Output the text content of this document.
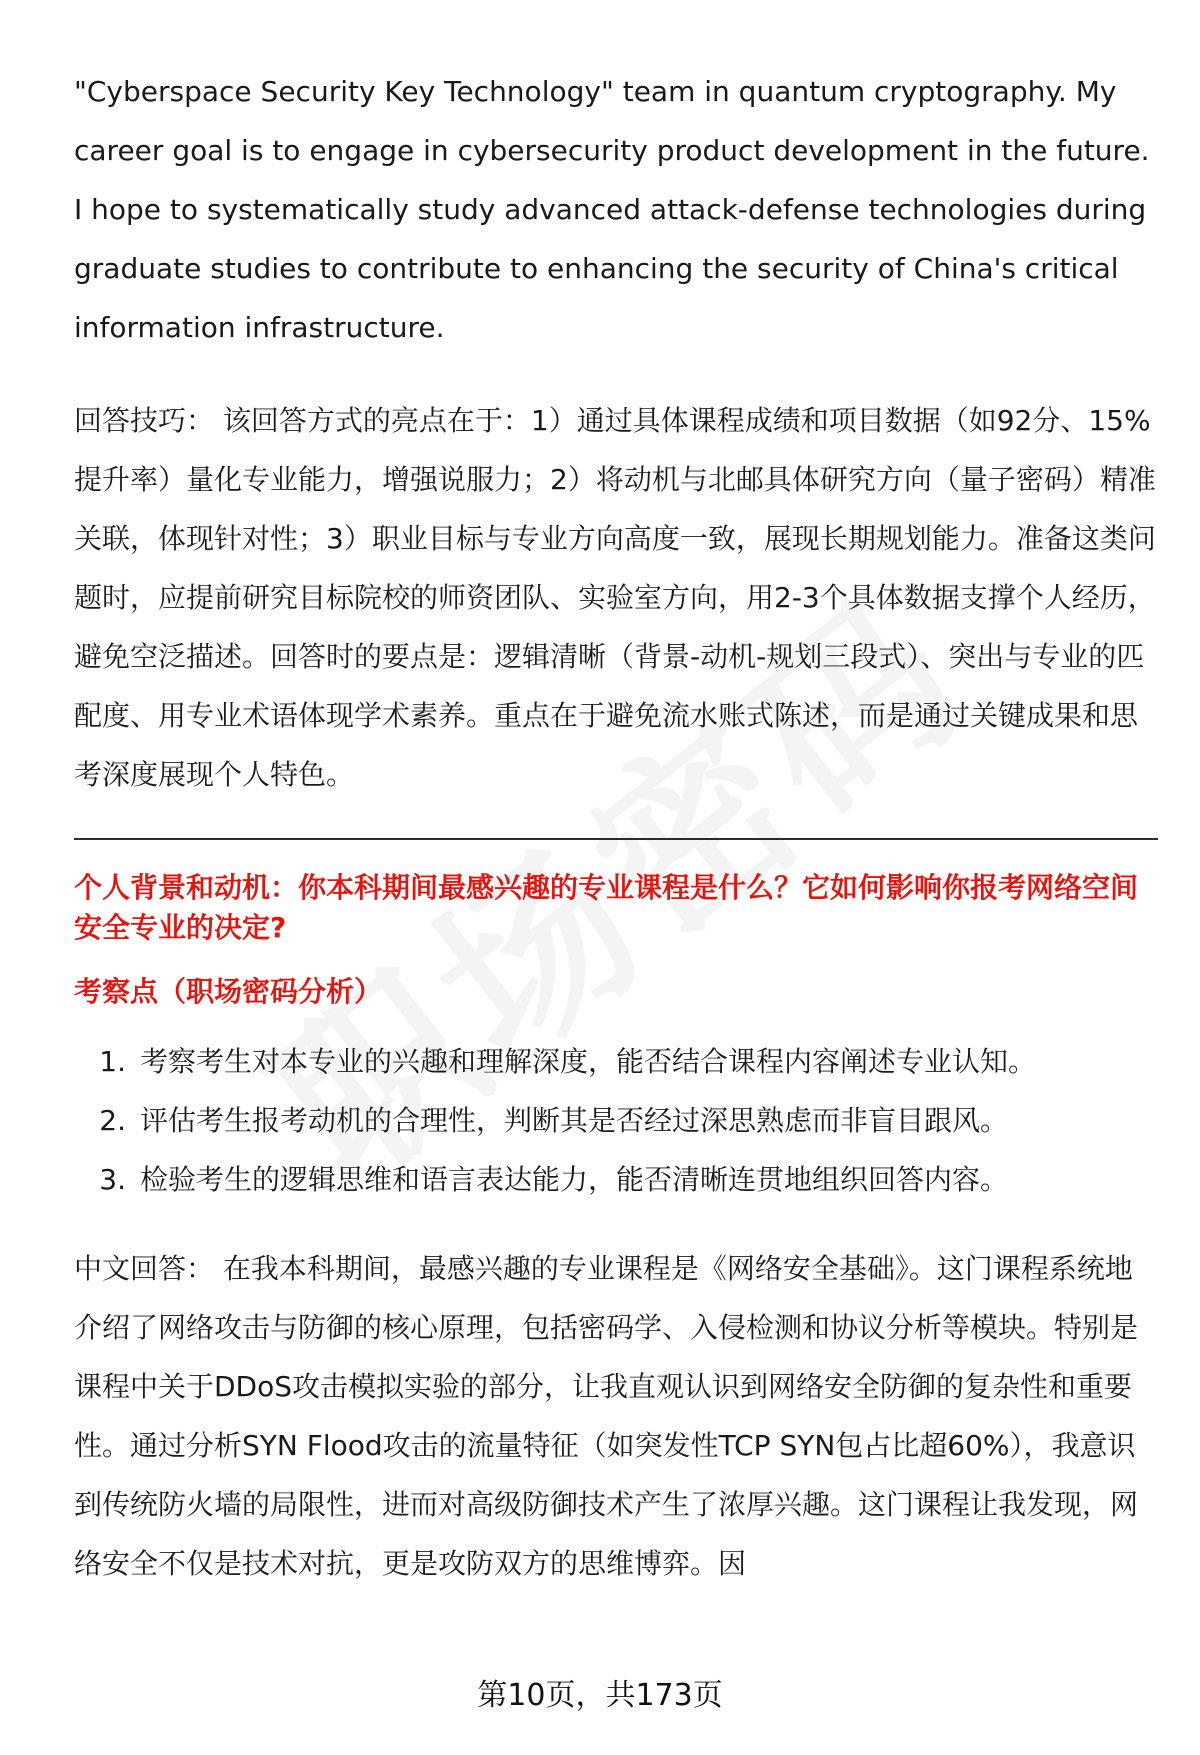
"Cyberspace Security Key Technology" team in quantum cryptography. My career goal is to engage in cybersecurity product development in the future. I hope to systematically study advanced attack-defense technologies during graduate studies to contribute to enhancing the security of China's critical information infrastructure.

回答技巧： 该回答方式的亮点在于：1）通过具体课程成绩和项目数据（如92分、15%提升率）量化专业能力，增强说服力；2）将动机与北邮具体研究方向（量子密码）精准关联，体现针对性；3）职业目标与专业方向高度一致，展现长期规划能力。准备这类问题时，应提前研究目标院校的师资团队、实验室方向，用2-3个具体数据支撑个人经历，避免空泛描述。回答时的要点是：逻辑清晰（背景-动机-规划三段式）、突出与专业的匹配度、用专业术语体现学术素养。重点在于避免流水账式陈述，而是通过关键成果和思考深度展现个人特色。

个人背景和动机：你本科期间最感兴趣的专业课程是什么？它如何影响你报考网络空间安全专业的决定?
考察点（职场密码分析）
1. 考察考生对本专业的兴趣和理解深度，能否结合课程内容阐述专业认知。
2. 评估考生报考动机的合理性，判断其是否经过深思熟虑而非盲目跟风。
3. 检验考生的逻辑思维和语言表达能力，能否清晰连贯地组织回答内容。

中文回答： 在我本科期间，最感兴趣的专业课程是《网络安全基础》。这门课程系统地介绍了网络攻击与防御的核心原理，包括密码学、入侵检测和协议分析等模块。特别是课程中关于DDoS攻击模拟实验的部分，让我直观认识到网络安全防御的复杂性和重要性。通过分析SYN Flood攻击的流量特征（如突发性TCP SYN包占比超60%），我意识到传统防火墙的局限性，进而对高级防御技术产生了浓厚兴趣。这门课程让我发现，网络安全不仅是技术对抗，更是攻防双方的思维博弈。因

第10页，共173页
